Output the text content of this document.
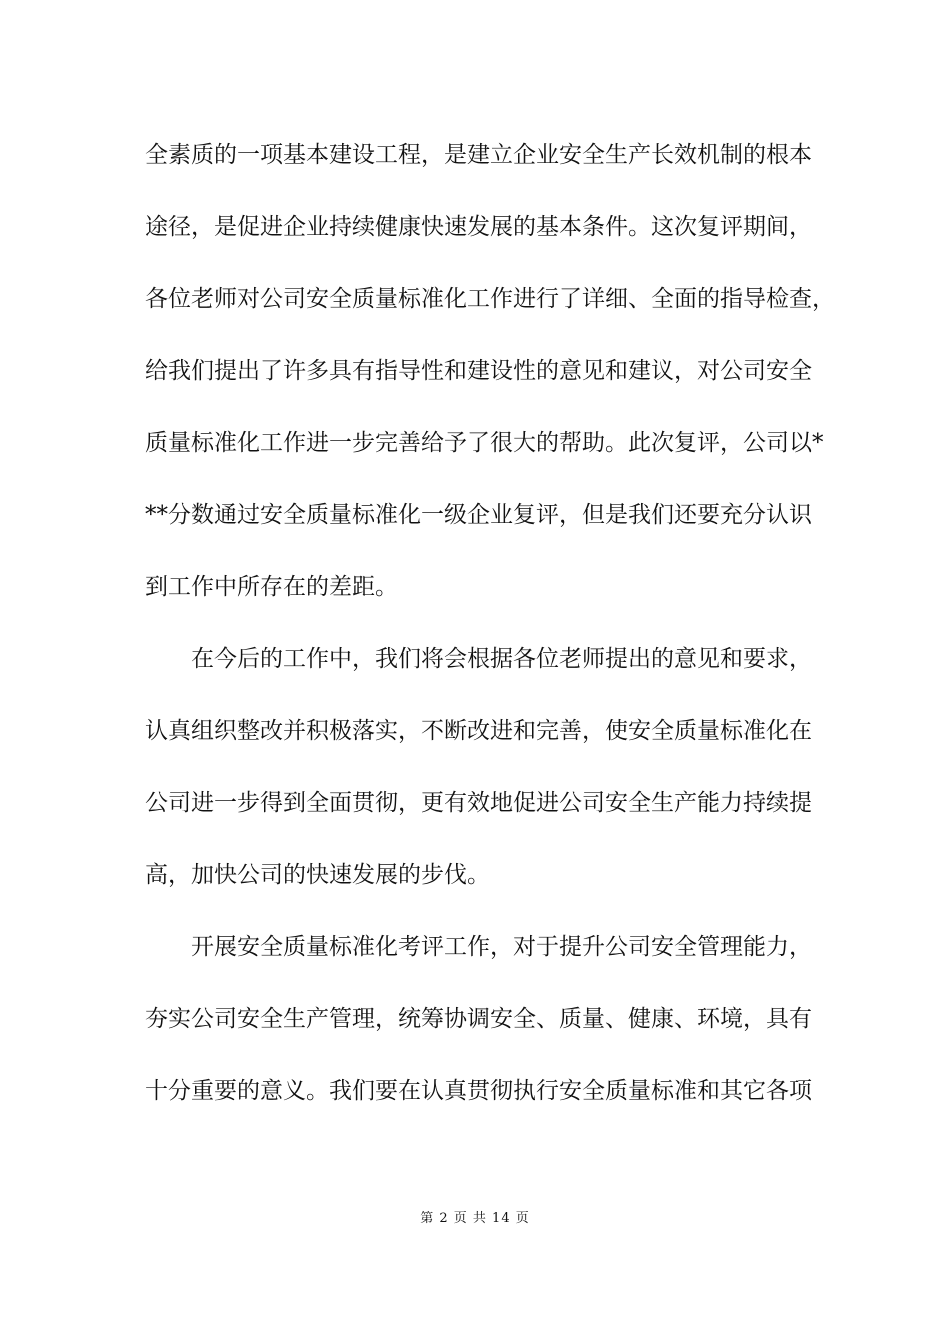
全素质的一项基本建设工程，是建立企业安全生产长效机制的根本
途径，是促进企业持续健康快速发展的基本条件。这次复评期间，
各位老师对公司安全质量标准化工作进行了详细、全面的指导检查，
给我们提出了许多具有指导性和建设性的意见和建议，对公司安全
质量标准化工作进一步完善给予了很大的帮助。此次复评，公司以*
**分数通过安全质量标准化一级企业复评，但是我们还要充分认识
到工作中所存在的差距。
在今后的工作中，我们将会根据各位老师提出的意见和要求，
认真组织整改并积极落实，不断改进和完善，使安全质量标准化在
公司进一步得到全面贯彻，更有效地促进公司安全生产能力持续提
高，加快公司的快速发展的步伐。
开展安全质量标准化考评工作，对于提升公司安全管理能力，
夯实公司安全生产管理，统筹协调安全、质量、健康、环境，具有
十分重要的意义。我们要在认真贯彻执行安全质量标准和其它各项
第 2 页 共 14 页
